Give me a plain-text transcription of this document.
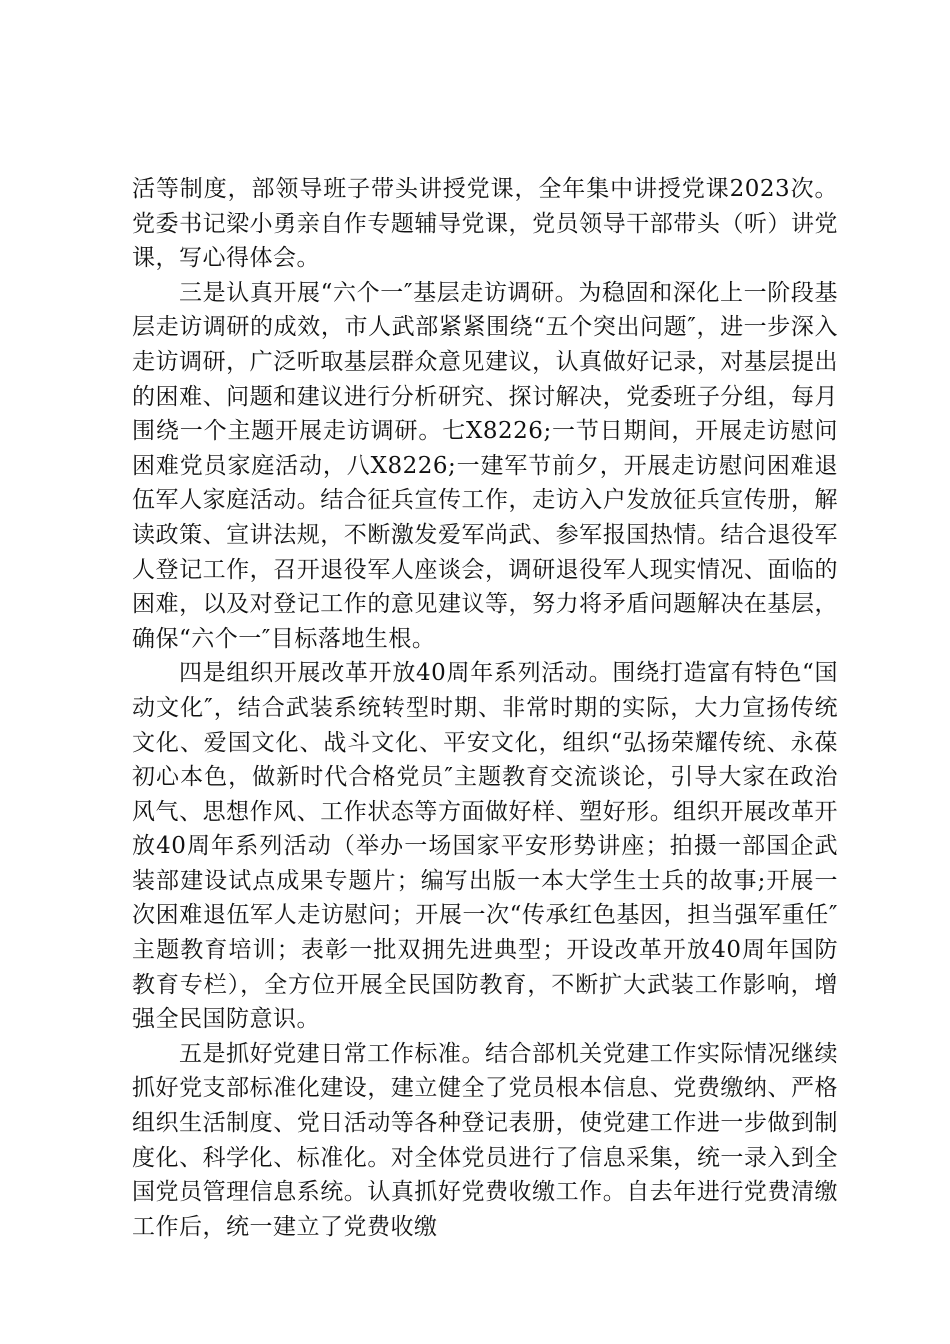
活等制度，部领导班子带头讲授党课，全年集中讲授党课2023次。党委书记梁小勇亲自作专题辅导党课，党员领导干部带头（听）讲党课，写心得体会。

三是认真开展“六个一″基层走访调研。为稳固和深化上一阶段基层走访调研的成效，市人武部紧紧围绕“五个突出问题″，进一步深入走访调研，广泛听取基层群众意见建议，认真做好记录，对基层提出的困难、问题和建议进行分析研究、探讨解决，党委班子分组，每月围绕一个主题开展走访调研。七X8226;一节日期间，开展走访慰问困难党员家庭活动，八X8226;一建军节前夕，开展走访慰问困难退伍军人家庭活动。结合征兵宣传工作，走访入户发放征兵宣传册，解读政策、宣讲法规，不断激发爱军尚武、参军报国热情。结合退役军人登记工作，召开退役军人座谈会，调研退役军人现实情况、面临的困难，以及对登记工作的意见建议等，努力将矛盾问题解决在基层，确保“六个一″目标落地生根。

四是组织开展改革开放40周年系列活动。围绕打造富有特色“国动文化″，结合武装系统转型时期、非常时期的实际，大力宣扬传统文化、爱国文化、战斗文化、平安文化，组织“弘扬荣耀传统、永葆初心本色，做新时代合格党员″主题教育交流谈论，引导大家在政治风气、思想作风、工作状态等方面做好样、塑好形。组织开展改革开放40周年系列活动（举办一场国家平安形势讲座；拍摄一部国企武装部建设试点成果专题片；编写出版一本大学生士兵的故事;开展一次困难退伍军人走访慰问；开展一次“传承红色基因，担当强军重任″主题教育培训；表彰一批双拥先进典型；开设改革开放40周年国防教育专栏），全方位开展全民国防教育，不断扩大武装工作影响，增强全民国防意识。

五是抓好党建日常工作标准。结合部机关党建工作实际情况继续抓好党支部标准化建设，建立健全了党员根本信息、党费缴纳、严格组织生活制度、党日活动等各种登记表册，使党建工作进一步做到制度化、科学化、标准化。对全体党员进行了信息采集，统一录入到全国党员管理信息系统。认真抓好党费收缴工作。自去年进行党费清缴工作后，统一建立了党费收缴
